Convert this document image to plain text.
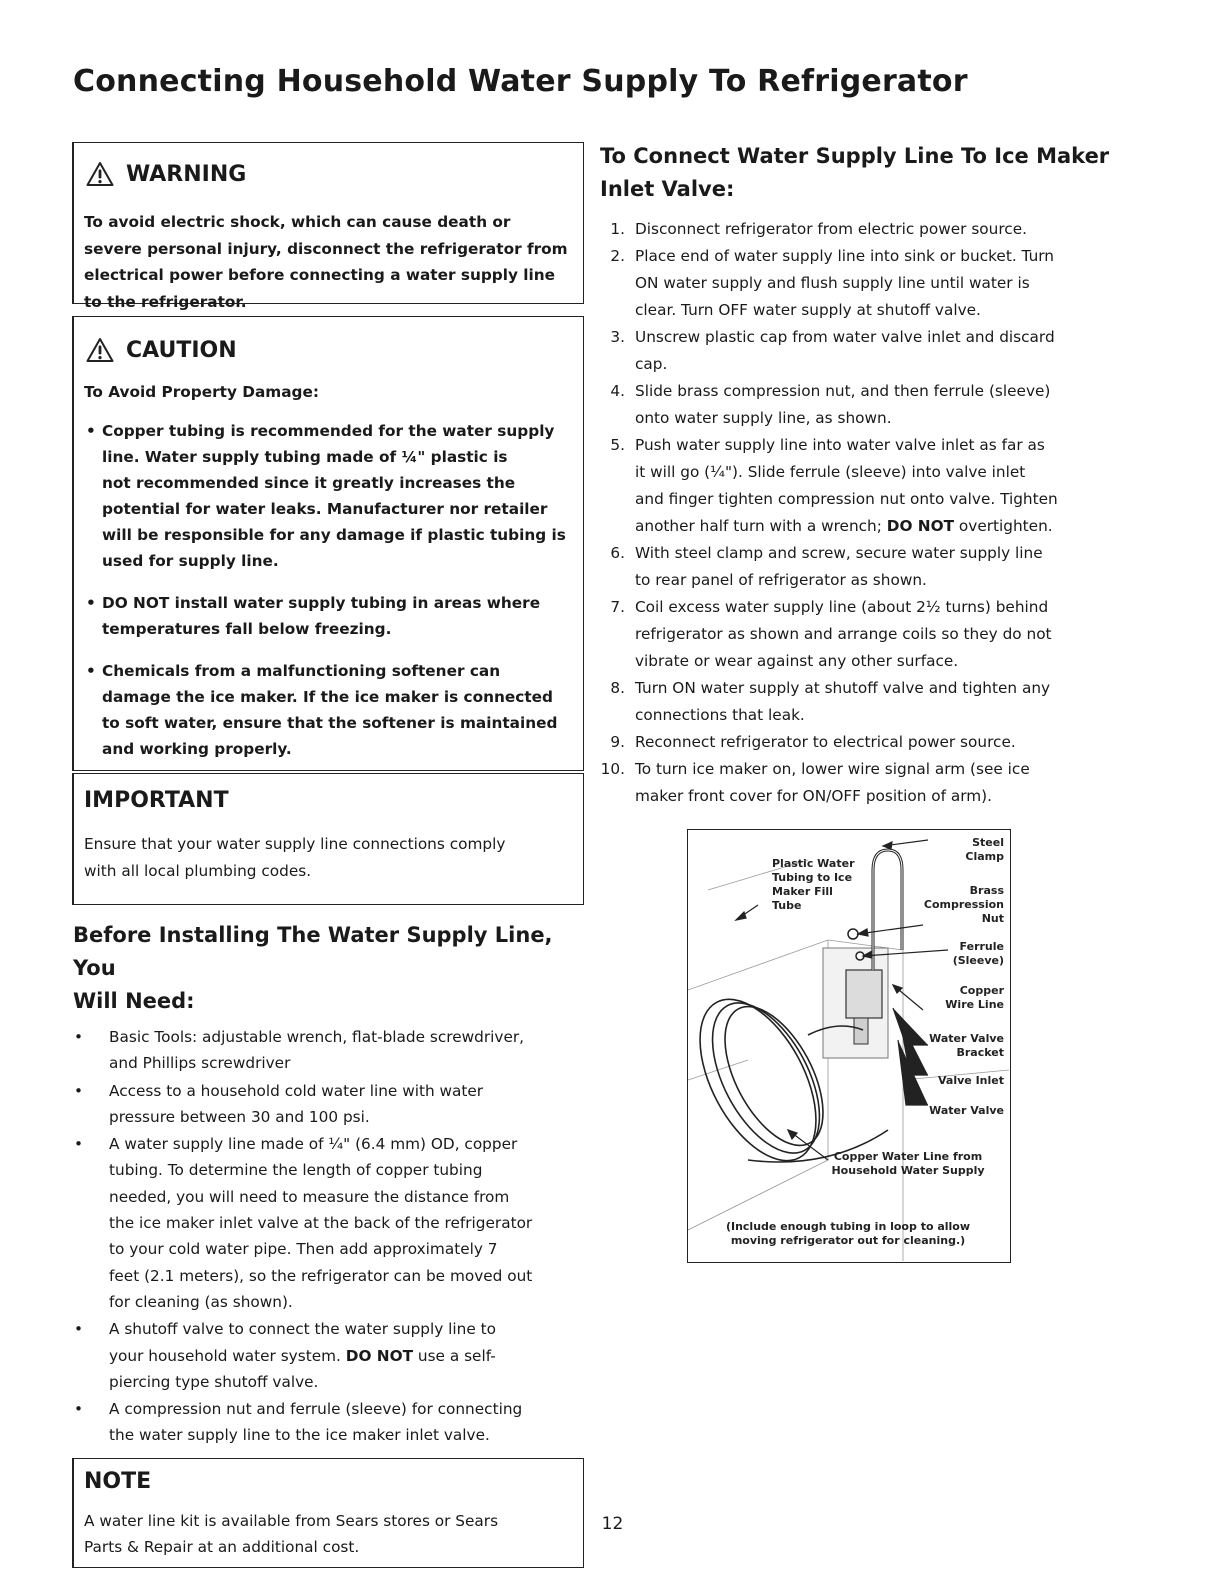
Connecting Household Water Supply To Refrigerator
WARNING
To avoid electric shock, which can cause death or
severe personal injury, disconnect the refrigerator from
electrical power before connecting a water supply line
to the refrigerator.
CAUTION
To Avoid Property Damage:
• Copper tubing is recommended for the water supply
line. Water supply tubing made of ¼" plastic is
not recommended since it greatly increases the
potential for water leaks. Manufacturer nor retailer
will be responsible for any damage if plastic tubing is
used for supply line.
• DO NOT install water supply tubing in areas where
temperatures fall below freezing.
• Chemicals from a malfunctioning softener can
damage the ice maker. If the ice maker is connected
to soft water, ensure that the softener is maintained
and working properly.
IMPORTANT
Ensure that your water supply line connections comply
with all local plumbing codes.
Before Installing The Water Supply Line, You
Will Need:
• Basic Tools: adjustable wrench, flat-blade screwdriver,
and Phillips screwdriver
• Access to a household cold water line with water
pressure between 30 and 100 psi.
• A water supply line made of ¼" (6.4 mm) OD, copper
tubing. To determine the length of copper tubing
needed, you will need to measure the distance from
the ice maker inlet valve at the back of the refrigerator
to your cold water pipe. Then add approximately 7
feet (2.1 meters), so the refrigerator can be moved out
for cleaning (as shown).
• A shutoff valve to connect the water supply line to
your household water system. DO NOT use a self-
piercing type shutoff valve.
• A compression nut and ferrule (sleeve) for connecting
the water supply line to the ice maker inlet valve.
NOTE
A water line kit is available from Sears stores or Sears
Parts & Repair at an additional cost.
To Connect Water Supply Line To Ice Maker
Inlet Valve:
1. Disconnect refrigerator from electric power source.
2. Place end of water supply line into sink or bucket. Turn
ON water supply and flush supply line until water is
clear. Turn OFF water supply at shutoff valve.
3. Unscrew plastic cap from water valve inlet and discard
cap.
4. Slide brass compression nut, and then ferrule (sleeve)
onto water supply line, as shown.
5. Push water supply line into water valve inlet as far as
it will go (¼"). Slide ferrule (sleeve) into valve inlet
and finger tighten compression nut onto valve. Tighten
another half turn with a wrench; DO NOT overtighten.
6. With steel clamp and screw, secure water supply line
to rear panel of refrigerator as shown.
7. Coil excess water supply line (about 2½ turns) behind
refrigerator as shown and arrange coils so they do not
vibrate or wear against any other surface.
8. Turn ON water supply at shutoff valve and tighten any
connections that leak.
9. Reconnect refrigerator to electrical power source.
10. To turn ice maker on, lower wire signal arm (see ice
maker front cover for ON/OFF position of arm).
Plastic Water
Tubing to Ice
Maker Fill
Tube
Steel
Clamp
Brass
Compression
Nut
Ferrule
(Sleeve)
Copper
Wire Line
Water Valve
Bracket
Valve Inlet
Water Valve
Copper Water Line from
Household Water Supply
(Include enough tubing in loop to allow
moving refrigerator out for cleaning.)
12
